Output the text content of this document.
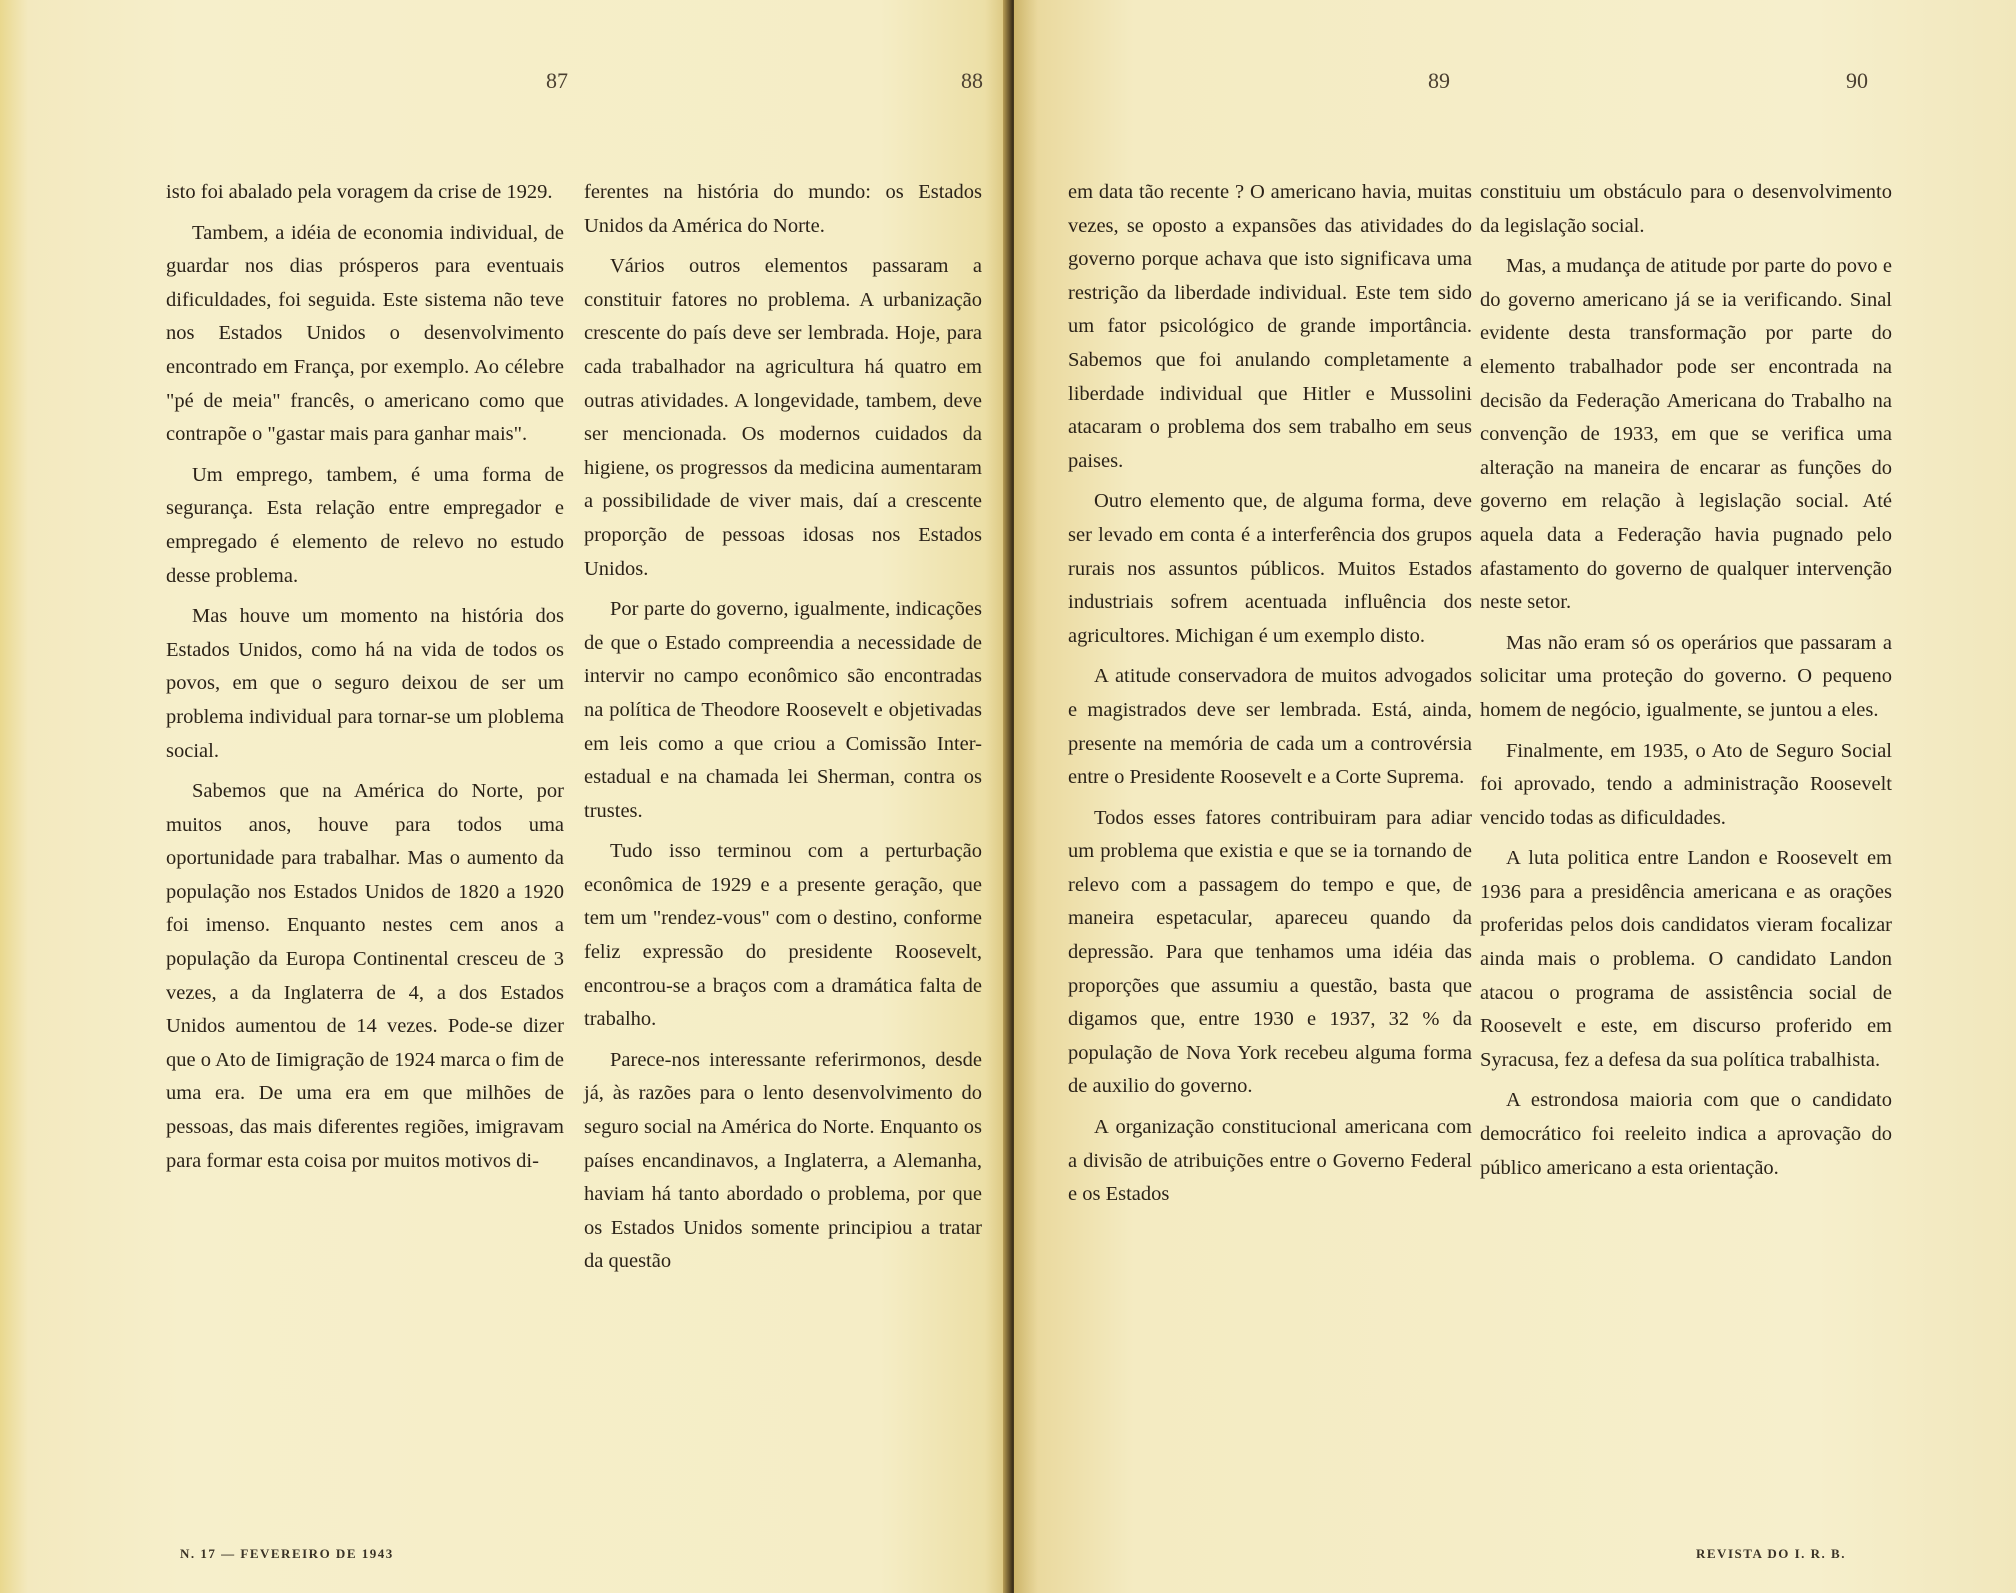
87	88

isto foi abalado pela voragem da crise de 1929.

Tambem, a idéia de economia individual, de guardar nos dias prósperos para eventuais dificuldades, foi seguida. Este sistema não teve nos Estados Unidos o desenvolvimento encontrado em França, por exemplo. Ao célebre "pé de meia" francês, o americano como que contrapõe o "gastar mais para ganhar mais".

Um emprego, tambem, é uma forma de segurança. Esta relação entre empregador e empregado é elemento de relevo no estudo desse problema.

Mas houve um momento na história dos Estados Unidos, como há na vida de todos os povos, em que o seguro deixou de ser um problema individual para tornar-se um ploblema social.

Sabemos que na América do Norte, por muitos anos, houve para todos uma oportunidade para trabalhar. Mas o aumento da população nos Estados Unidos de 1820 a 1920 foi imenso. Enquanto nestes cem anos a população da Europa Continental cresceu de 3 vezes, a da Inglaterra de 4, a dos Estados Unidos aumentou de 14 vezes. Pode-se dizer que o Ato de Iimigração de 1924 marca o fim de uma era. De uma era em que milhões de pessoas, das mais diferentes regiões, imigravam para formar esta coisa por muitos motivos di-

ferentes na história do mundo: os Estados Unidos da América do Norte.

Vários outros elementos passaram a constituir fatores no problema. A urbanização crescente do país deve ser lembrada. Hoje, para cada trabalhador na agricultura há quatro em outras atividades. A longevidade, tambem, deve ser mencionada. Os modernos cuidados da higiene, os progressos da medicina aumentaram a possibilidade de viver mais, daí a crescente proporção de pessoas idosas nos Estados Unidos.

Por parte do governo, igualmente, indicações de que o Estado compreendia a necessidade de intervir no campo econômico são encontradas na política de Theodore Roosevelt e objetivadas em leis como a que criou a Comissão Inter-estadual e na chamada lei Sherman, contra os trustes.

Tudo isso terminou com a perturbação econômica de 1929 e a presente geração, que tem um "rendez-vous" com o destino, conforme feliz expressão do presidente Roosevelt, encontrou-se a braços com a dramática falta de trabalho.

Parece-nos interessante referirmonos, desde já, às razões para o lento desenvolvimento do seguro social na América do Norte. Enquanto os países encandinavos, a Inglaterra, a Alemanha, haviam há tanto abordado o problema, por que os Estados Unidos somente principiou a tratar da questão

N. 17 — FEVEREIRO DE 1943
89	90

em data tão recente ? O americano havia, muitas vezes, se oposto a expansões das atividades do governo porque achava que isto significava uma restrição da liberdade individual. Este tem sido um fator psicológico de grande importância. Sabemos que foi anulando completamente a liberdade individual que Hitler e Mussolini atacaram o problema dos sem trabalho em seus paises.

Outro elemento que, de alguma forma, deve ser levado em conta é a interferência dos grupos rurais nos assuntos públicos. Muitos Estados industriais sofrem acentuada influência dos agricultores. Michigan é um exemplo disto.

A atitude conservadora de muitos advogados e magistrados deve ser lembrada. Está, ainda, presente na memória de cada um a controvérsia entre o Presidente Roosevelt e a Corte Suprema.

Todos esses fatores contribuiram para adiar um problema que existia e que se ia tornando de relevo com a passagem do tempo e que, de maneira espetacular, apareceu quando da depressão. Para que tenhamos uma idéia das proporções que assumiu a questão, basta que digamos que, entre 1930 e 1937, 32 % da população de Nova York recebeu alguma forma de auxilio do governo.

A organização constitucional americana com a divisão de atribuições entre o Governo Federal e os Estados

constituiu um obstáculo para o desenvolvimento da legislação social.

Mas, a mudança de atitude por parte do povo e do governo americano já se ia verificando. Sinal evidente desta transformação por parte do elemento trabalhador pode ser encontrada na decisão da Federação Americana do Trabalho na convenção de 1933, em que se verifica uma alteração na maneira de encarar as funções do governo em relação à legislação social. Até aquela data a Federação havia pugnado pelo afastamento do governo de qualquer intervenção neste setor.

Mas não eram só os operários que passaram a solicitar uma proteção do governo. O pequeno homem de negócio, igualmente, se juntou a eles.

Finalmente, em 1935, o Ato de Seguro Social foi aprovado, tendo a administração Roosevelt vencido todas as dificuldades.

A luta politica entre Landon e Roosevelt em 1936 para a presidência americana e as orações proferidas pelos dois candidatos vieram focalizar ainda mais o problema. O candidato Landon atacou o programa de assistência social de Roosevelt e este, em discurso proferido em Syracusa, fez a defesa da sua política trabalhista.

A estrondosa maioria com que o candidato democrático foi reeleito indica a aprovação do público americano a esta orientação.

REVISTA DO I. R. B.
